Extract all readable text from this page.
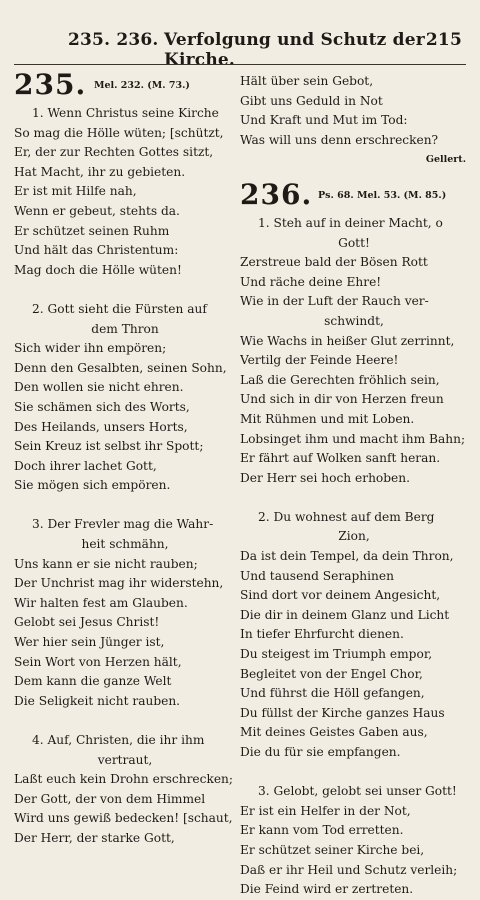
235. 236. Verfolgung und Schutz der Kirche.
215
235. Mel. 232. (M. 73.)
1. Wenn Christus seine Kirche
So mag die Hölle wüten; [schützt,
Er, der zur Rechten Gottes sitzt,
Hat Macht, ihr zu gebieten.
Er ist mit Hilfe nah,
Wenn er gebeut, stehts da.
Er schützet seinen Ruhm
Und hält das Christentum:
Mag doch die Hölle wüten!
2. Gott sieht die Fürsten auf
dem Thron
Sich wider ihn empören;
Denn den Gesalbten, seinen Sohn,
Den wollen sie nicht ehren.
Sie schämen sich des Worts,
Des Heilands, unsers Horts,
Sein Kreuz ist selbst ihr Spott;
Doch ihrer lachet Gott,
Sie mögen sich empören.
3. Der Frevler mag die Wahr-
heit schmähn,
Uns kann er sie nicht rauben;
Der Unchrist mag ihr widerstehn,
Wir halten fest am Glauben.
Gelobt sei Jesus Christ!
Wer hier sein Jünger ist,
Sein Wort von Herzen hält,
Dem kann die ganze Welt
Die Seligkeit nicht rauben.
4. Auf, Christen, die ihr ihm
vertraut,
Laßt euch kein Drohn erschrecken;
Der Gott, der von dem Himmel
Wird uns gewiß bedecken! [schaut,
Der Herr, der starke Gott,
Hält über sein Gebot,
Gibt uns Geduld in Not
Und Kraft und Mut im Tod:
Was will uns denn erschrecken?
Gellert.
236. Ps. 68. Mel. 53. (M. 85.)
1. Steh auf in deiner Macht, o
Gott!
Zerstreue bald der Bösen Rott
Und räche deine Ehre!
Wie in der Luft der Rauch ver-
schwindt,
Wie Wachs in heißer Glut zerrinnt,
Vertilg der Feinde Heere!
Laß die Gerechten fröhlich sein,
Und sich in dir von Herzen freun
Mit Rühmen und mit Loben.
Lobsinget ihm und macht ihm Bahn;
Er fährt auf Wolken sanft heran.
Der Herr sei hoch erhoben.
2. Du wohnest auf dem Berg
Zion,
Da ist dein Tempel, da dein Thron,
Und tausend Seraphinen
Sind dort vor deinem Angesicht,
Die dir in deinem Glanz und Licht
In tiefer Ehrfurcht dienen.
Du steigest im Triumph empor,
Begleitet von der Engel Chor,
Und führst die Höll gefangen,
Du füllst der Kirche ganzes Haus
Mit deines Geistes Gaben aus,
Die du für sie empfangen.
3. Gelobt, gelobt sei unser Gott!
Er ist ein Helfer in der Not,
Er kann vom Tod erretten.
Er schützet seiner Kirche bei,
Daß er ihr Heil und Schutz verleih;
Die Feind wird er zertreten.
